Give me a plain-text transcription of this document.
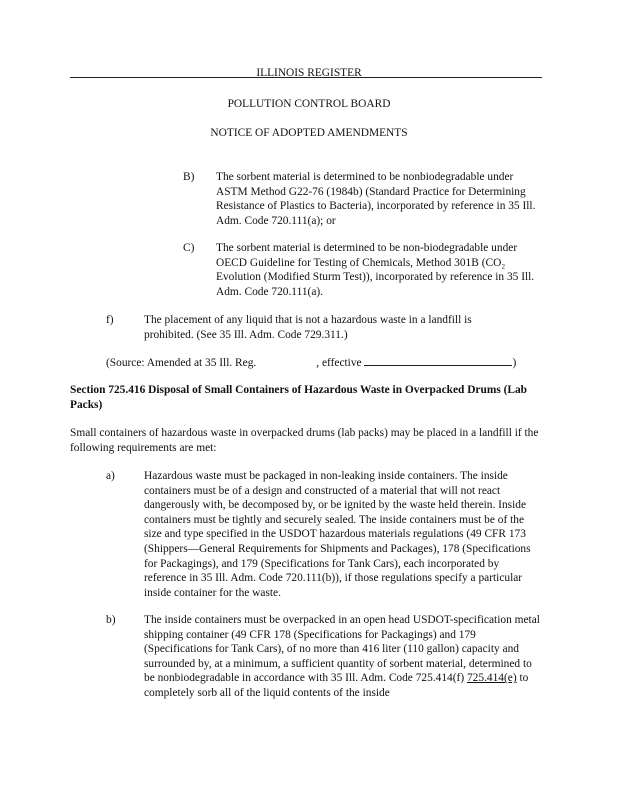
ILLINOIS REGISTER
POLLUTION CONTROL BOARD
NOTICE OF ADOPTED AMENDMENTS
B) The sorbent material is determined to be nonbiodegradable under ASTM Method G22-76 (1984b) (Standard Practice for Determining Resistance of Plastics to Bacteria), incorporated by reference in 35 Ill. Adm. Code 720.111(a); or
C) The sorbent material is determined to be non-biodegradable under OECD Guideline for Testing of Chemicals, Method 301B (CO₂ Evolution (Modified Sturm Test)), incorporated by reference in 35 Ill. Adm. Code 720.111(a).
f)	The placement of any liquid that is not a hazardous waste in a landfill is prohibited. (See 35 Ill. Adm. Code 729.311.)
(Source: Amended at 35 Ill. Reg.	, effective	)
Section 725.416 Disposal of Small Containers of Hazardous Waste in Overpacked Drums (Lab Packs)
Small containers of hazardous waste in overpacked drums (lab packs) may be placed in a landfill if the following requirements are met:
a)	Hazardous waste must be packaged in non-leaking inside containers. The inside containers must be of a design and constructed of a material that will not react dangerously with, be decomposed by, or be ignited by the waste held therein. Inside containers must be tightly and securely sealed. The inside containers must be of the size and type specified in the USDOT hazardous materials regulations (49 CFR 173 (Shippers—General Requirements for Shipments and Packages), 178 (Specifications for Packagings), and 179 (Specifications for Tank Cars), each incorporated by reference in 35 Ill. Adm. Code 720.111(b)), if those regulations specify a particular inside container for the waste.
b)	The inside containers must be overpacked in an open head USDOT-specification metal shipping container (49 CFR 178 (Specifications for Packagings) and 179 (Specifications for Tank Cars), of no more than 416 liter (110 gallon) capacity and surrounded by, at a minimum, a sufficient quantity of sorbent material, determined to be nonbiodegradable in accordance with 35 Ill. Adm. Code 725.414(f) 725.414(e) to completely sorb all of the liquid contents of the inside
